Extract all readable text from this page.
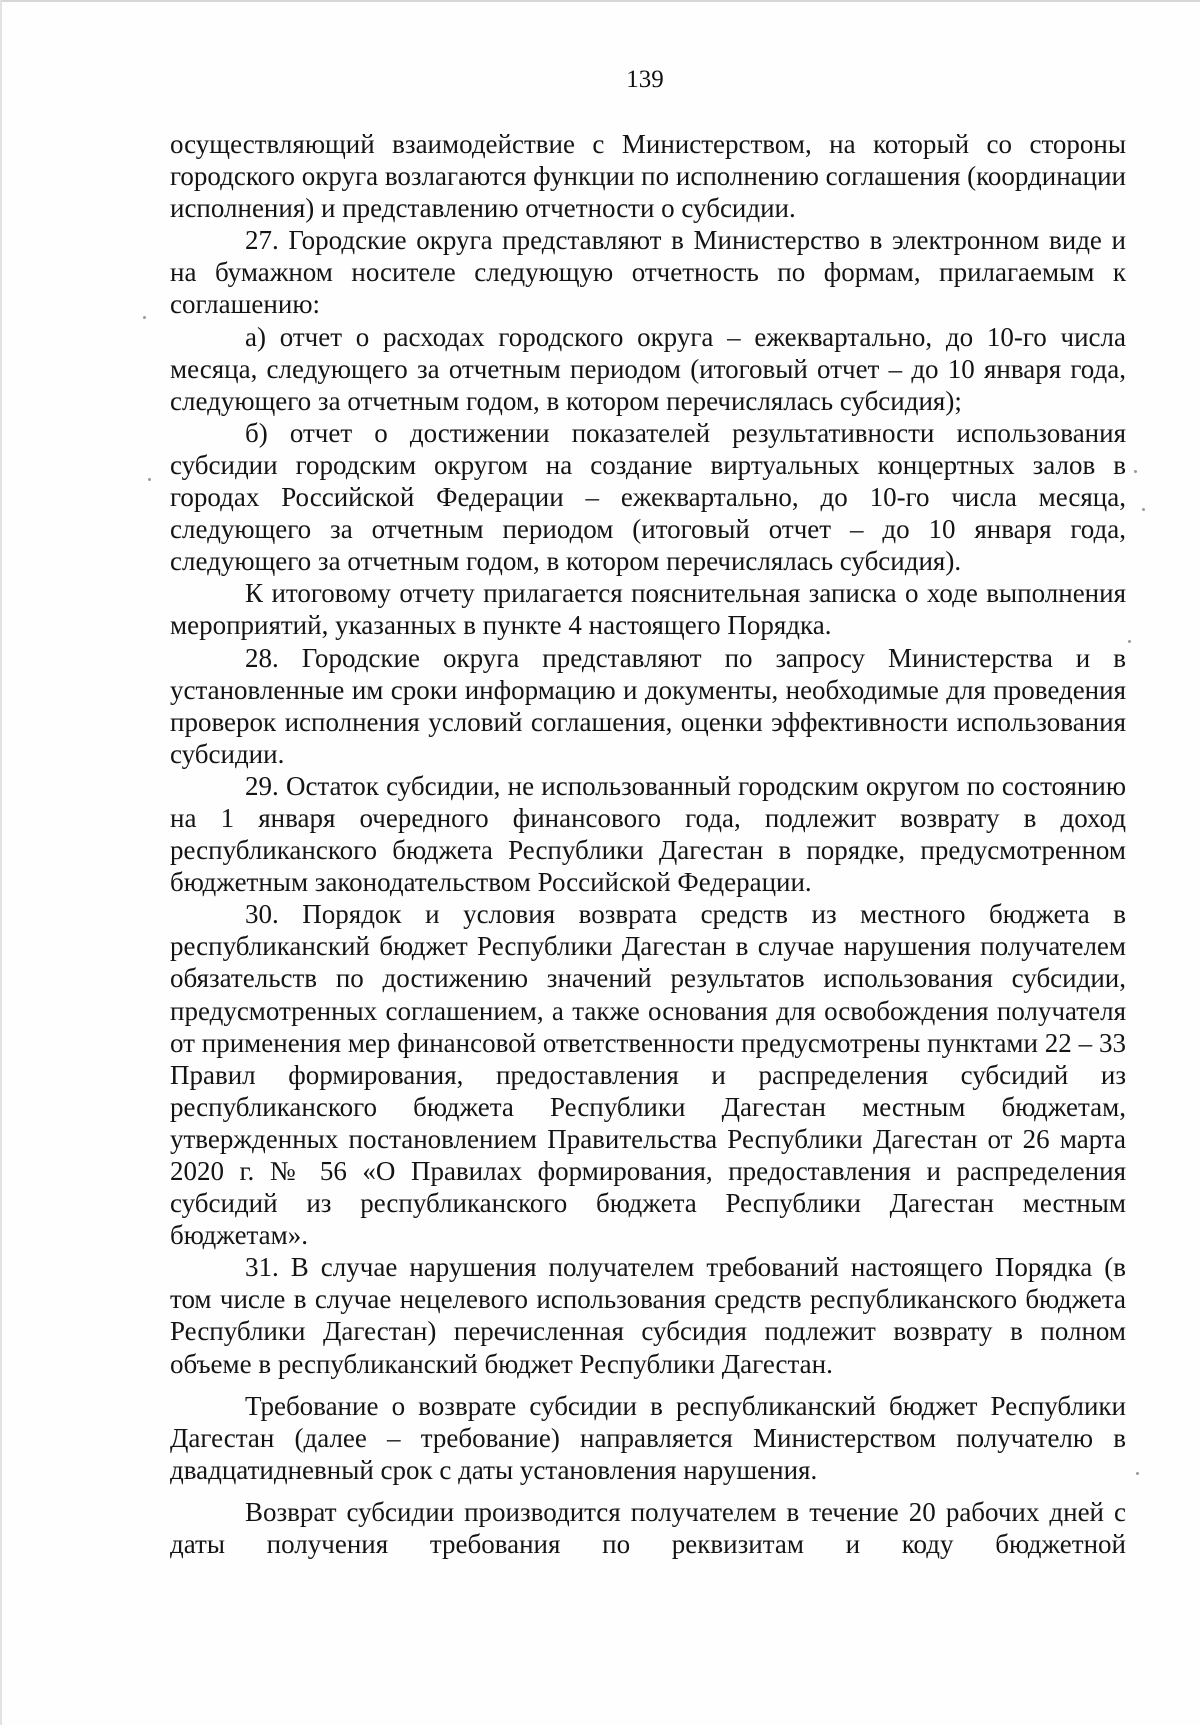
139

осуществляющий взаимодействие с Министерством, на который со стороны городского округа возлагаются функции по исполнению соглашения (координации исполнения) и представлению отчетности о субсидии.

27. Городские округа представляют в Министерство в электронном виде и на бумажном носителе следующую отчетность по формам, прилагаемым к соглашению:

а) отчет о расходах городского округа – ежеквартально, до 10-го числа месяца, следующего за отчетным периодом (итоговый отчет – до 10 января года, следующего за отчетным годом, в котором перечислялась субсидия);

б) отчет о достижении показателей результативности использования субсидии городским округом на создание виртуальных концертных залов в городах Российской Федерации – ежеквартально, до 10-го числа месяца, следующего за отчетным периодом (итоговый отчет – до 10 января года, следующего за отчетным годом, в котором перечислялась субсидия).

К итоговому отчету прилагается пояснительная записка о ходе выполнения мероприятий, указанных в пункте 4 настоящего Порядка.

28. Городские округа представляют по запросу Министерства и в установленные им сроки информацию и документы, необходимые для проведения проверок исполнения условий соглашения, оценки эффективности использования субсидии.

29. Остаток субсидии, не использованный городским округом по состоянию на 1 января очередного финансового года, подлежит возврату в доход республиканского бюджета Республики Дагестан в порядке, предусмотренном бюджетным законодательством Российской Федерации.

30. Порядок и условия возврата средств из местного бюджета в республиканский бюджет Республики Дагестан в случае нарушения получателем обязательств по достижению значений результатов использования субсидии, предусмотренных соглашением, а также основания для освобождения получателя от применения мер финансовой ответственности предусмотрены пунктами 22 – 33 Правил формирования, предоставления и распределения субсидий из республиканского бюджета Республики Дагестан местным бюджетам, утвержденных постановлением Правительства Республики Дагестан от 26 марта 2020 г. № 56 «О Правилах формирования, предоставления и распределения субсидий из республиканского бюджета Республики Дагестан местным бюджетам».

31. В случае нарушения получателем требований настоящего Порядка (в том числе в случае нецелевого использования средств республиканского бюджета Республики Дагестан) перечисленная субсидия подлежит возврату в полном объеме в республиканский бюджет Республики Дагестан.

Требование о возврате субсидии в республиканский бюджет Республики Дагестан (далее – требование) направляется Министерством получателю в двадцатидневный срок с даты установления нарушения.

Возврат субсидии производится получателем в течение 20 рабочих дней с даты получения требования по реквизитам и коду бюджетной
